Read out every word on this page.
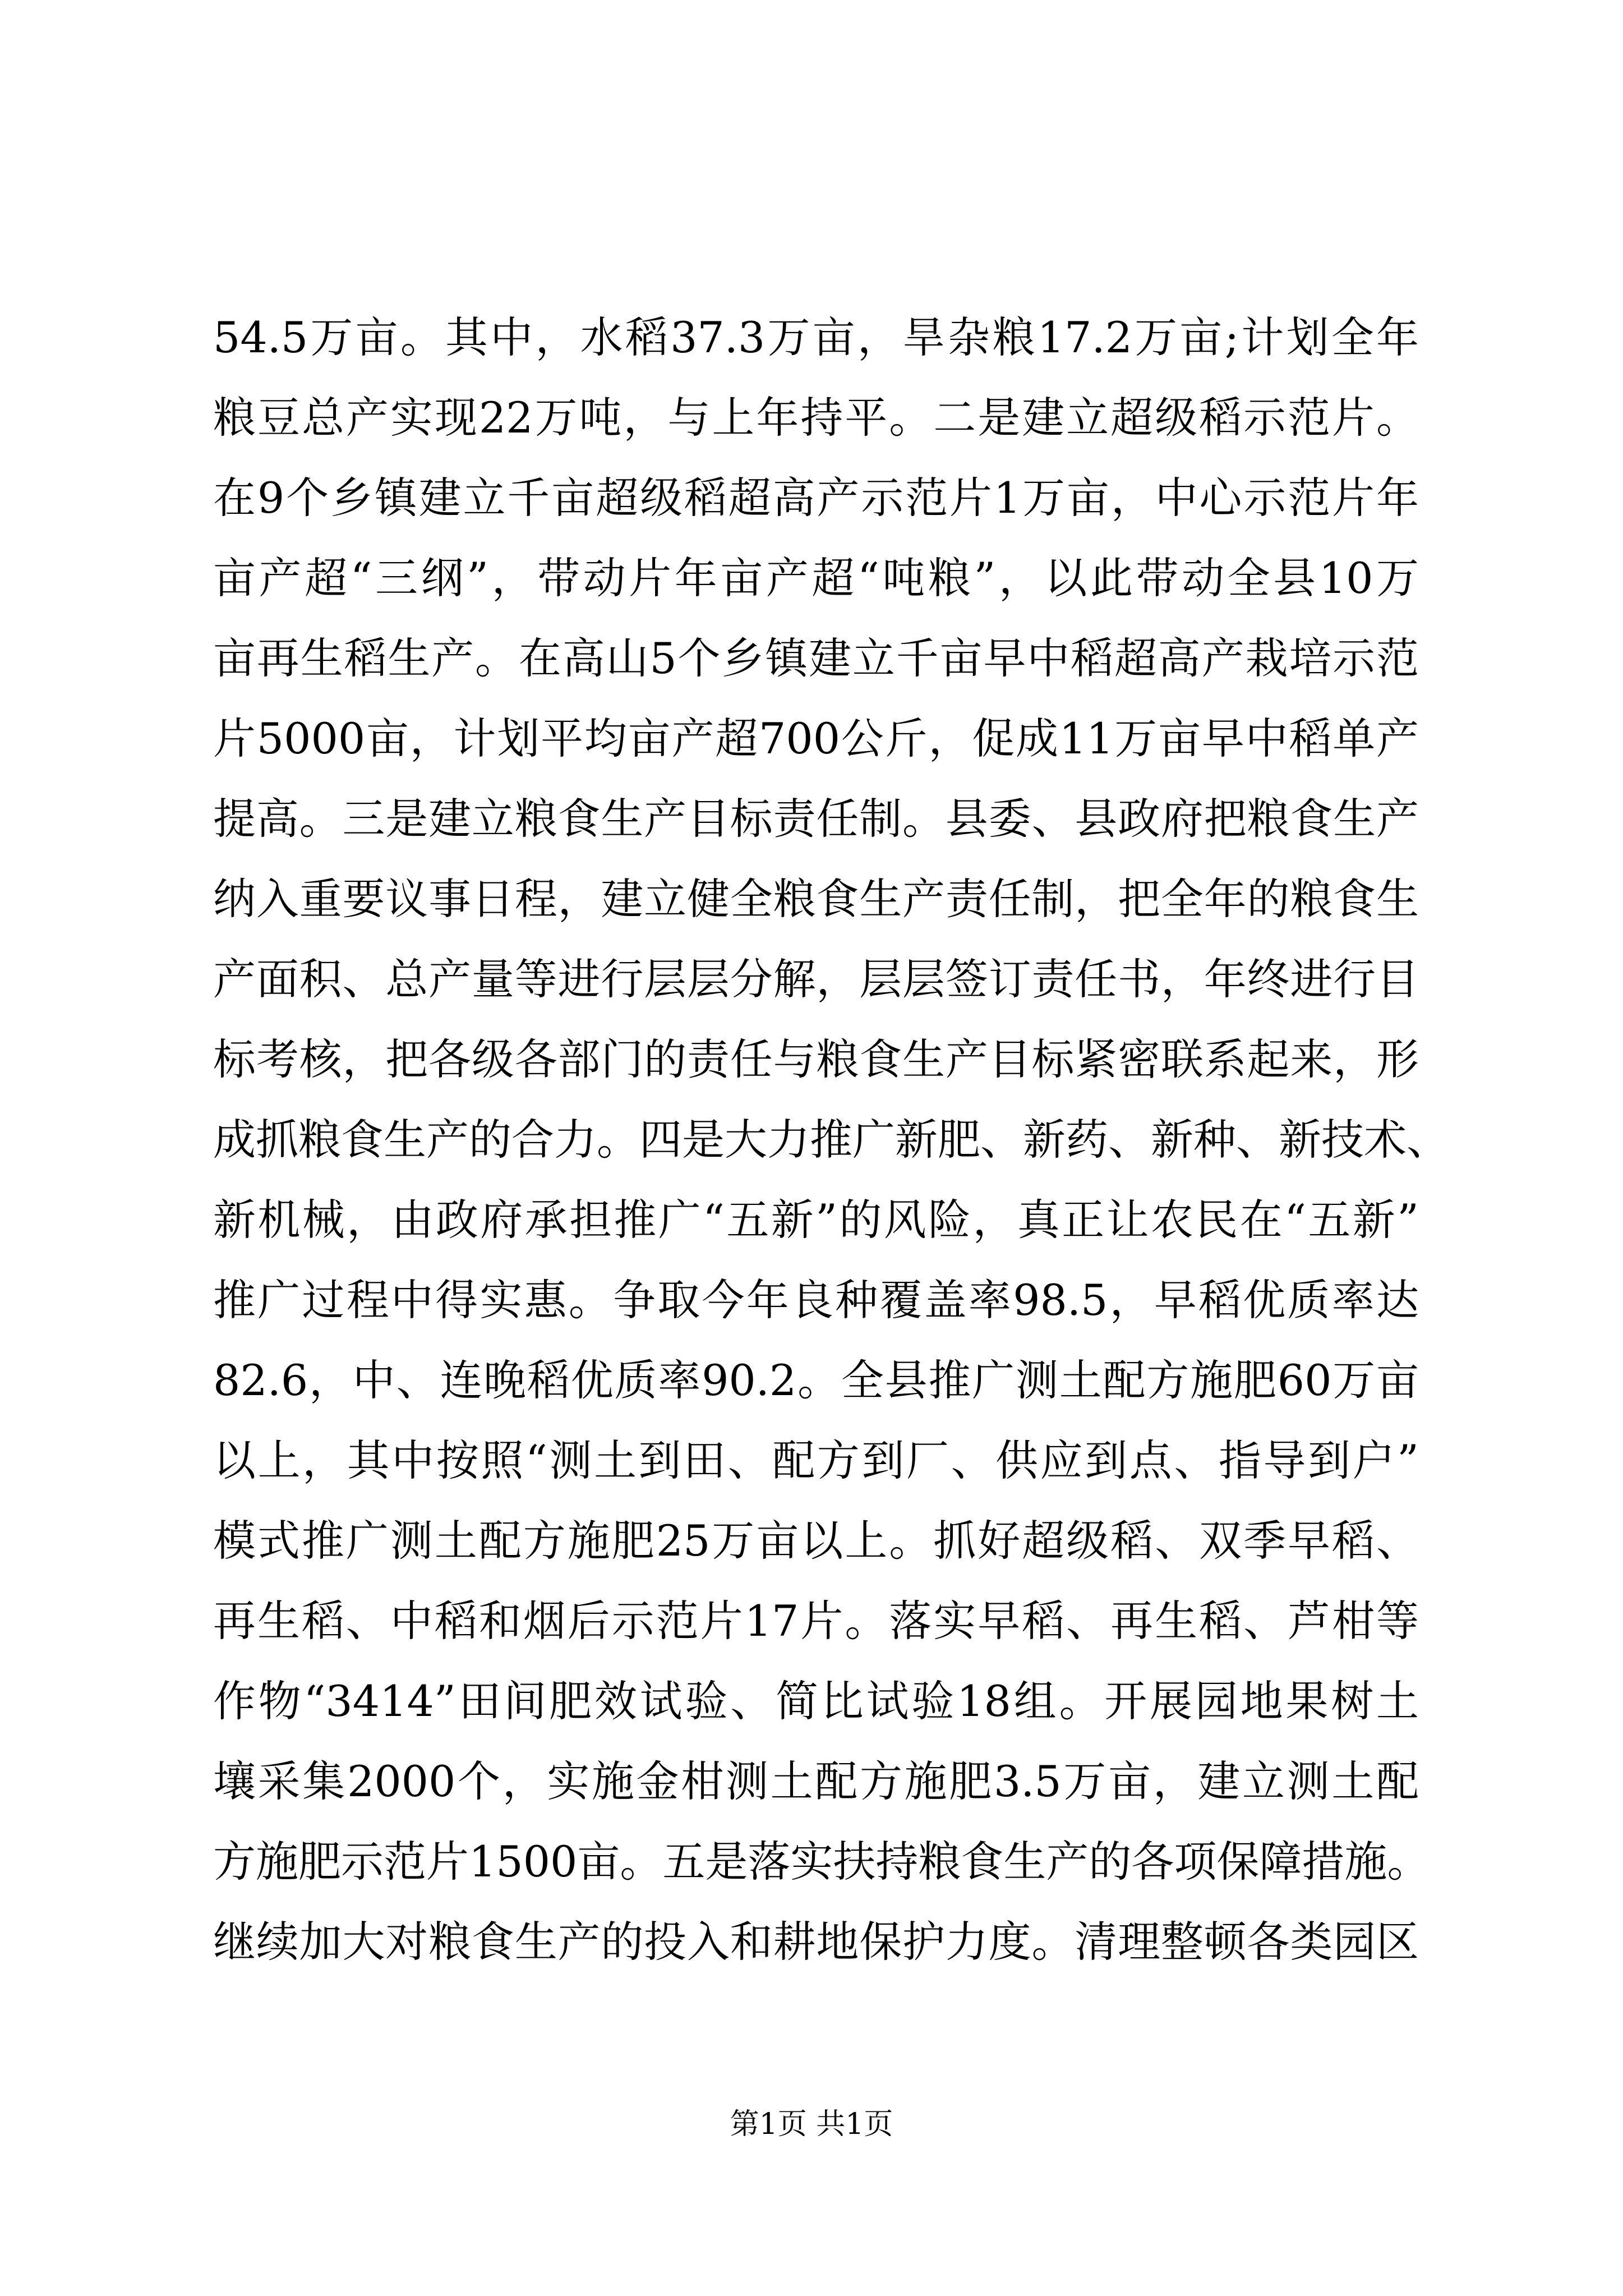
54.5万亩。其中，水稻37.3万亩，旱杂粮17.2万亩;计划全年
粮豆总产实现22万吨，与上年持平。二是建立超级稻示范片。
在9个乡镇建立千亩超级稻超高产示范片1万亩，中心示范片年
亩产超“三纲”，带动片年亩产超“吨粮”，以此带动全县10万
亩再生稻生产。在高山5个乡镇建立千亩早中稻超高产栽培示范
片5000亩，计划平均亩产超700公斤，促成11万亩早中稻单产
提高。三是建立粮食生产目标责任制。县委、县政府把粮食生产
纳入重要议事日程，建立健全粮食生产责任制，把全年的粮食生
产面积、总产量等进行层层分解，层层签订责任书，年终进行目
标考核，把各级各部门的责任与粮食生产目标紧密联系起来，形
成抓粮食生产的合力。四是大力推广新肥、新药、新种、新技术、
新机械，由政府承担推广“五新”的风险，真正让农民在“五新”
推广过程中得实惠。争取今年良种覆盖率98.5，早稻优质率达
82.6，中、连晚稻优质率90.2。全县推广测土配方施肥60万亩
以上，其中按照“测土到田、配方到厂、供应到点、指导到户”
模式推广测土配方施肥25万亩以上。抓好超级稻、双季早稻、
再生稻、中稻和烟后示范片17片。落实早稻、再生稻、芦柑等
作物“3414”田间肥效试验、简比试验18组。开展园地果树土
壤采集2000个，实施金柑测土配方施肥3.5万亩，建立测土配
方施肥示范片1500亩。五是落实扶持粮食生产的各项保障措施。
继续加大对粮食生产的投入和耕地保护力度。清理整顿各类园区
第1页 共1页
